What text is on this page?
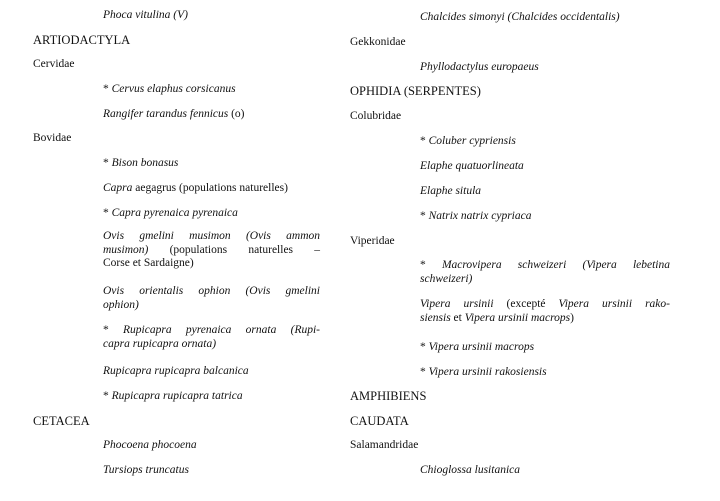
Phoca vitulina (V)
ARTIODACTYLA
Cervidae
* Cervus elaphus corsicanus
Rangifer tarandus fennicus (o)
Bovidae
* Bison bonasus
Capra aegagrus (populations naturelles)
* Capra pyrenaica pyrenaica
Ovis gmelini musimon (Ovis ammon
musimon) (populations naturelles –
Corse et Sardaigne)
Ovis orientalis ophion (Ovis gmelini
ophion)
* Rupicapra pyrenaica ornata (Rupi-
capra rupicapra ornata)
Rupicapra rupicapra balcanica
* Rupicapra rupicapra tatrica
CETACEA
Phocoena phocoena
Tursiops truncatus
Chalcides simonyi (Chalcides occidentalis)
Gekkonidae
Phyllodactylus europaeus
OPHIDIA (SERPENTES)
Colubridae
* Coluber cypriensis
Elaphe quatuorlineata
Elaphe situla
* Natrix natrix cypriaca
Viperidae
* Macrovipera schweizeri (Vipera lebetina
schweizeri)
Vipera ursinii (excepté Vipera ursinii rako-
siensis et Vipera ursinii macrops)
* Vipera ursinii macrops
* Vipera ursinii rakosiensis
AMPHIBIENS
CAUDATA
Salamandridae
Chioglossa lusitanica
